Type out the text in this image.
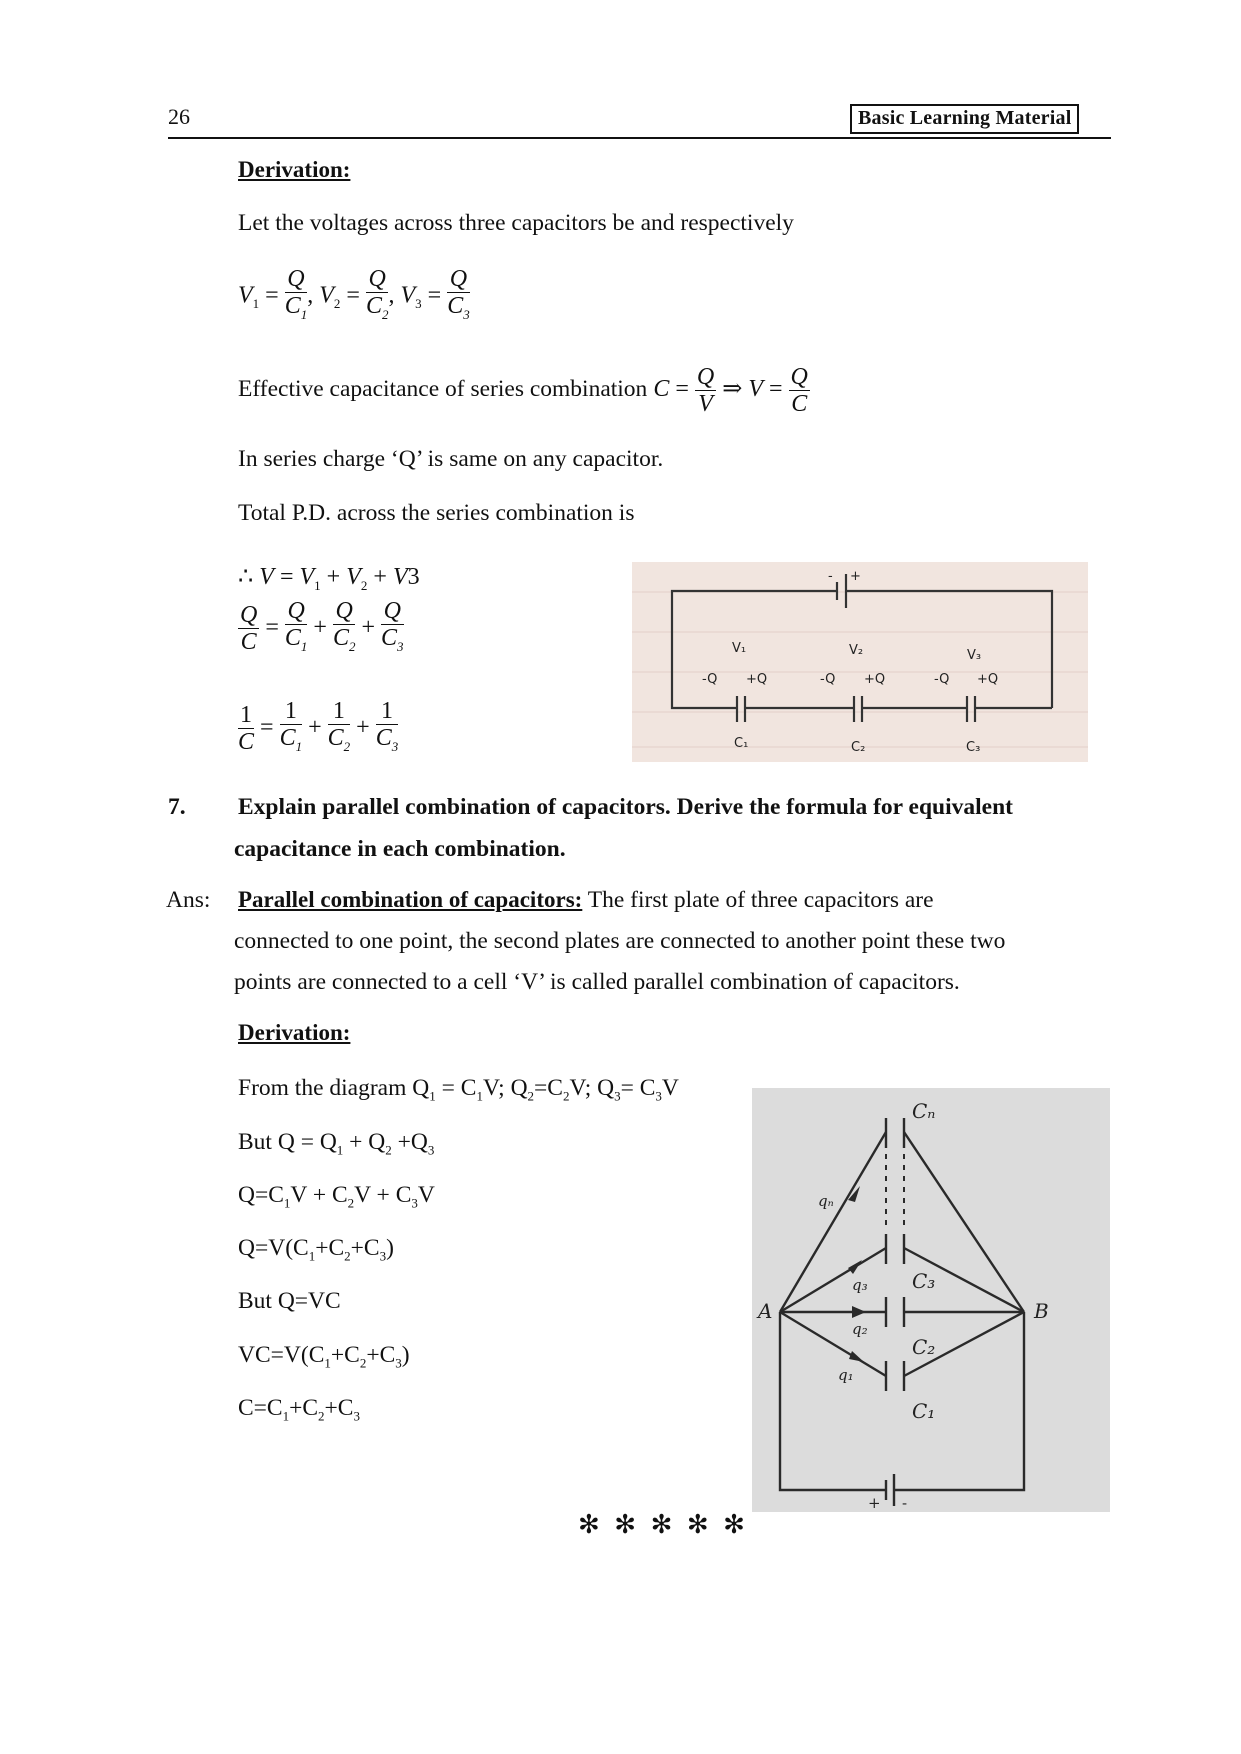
26	Basic Learning Material
Derivation:
Let the voltages across three capacitors be and respectively
$V_1 = \frac{Q}{C_1}$ , $V_2 = \frac{Q}{C_2}$ , $V_3 = \frac{Q}{C_3}$
Effective capacitance of series combination $C = \frac{Q}{V}$ ⇒ $V = \frac{Q}{C}$
In series charge ‘Q’ is same on any capacitor.
Total P.D. across the series combination is
∴ $V = V_1 + V_2 + V3$
$\frac{Q}{C} = \frac{Q}{C_1} + \frac{Q}{C_2} + \frac{Q}{C_3}$
$\frac{1}{C} = \frac{1}{C_1} + \frac{1}{C_2} + \frac{1}{C_3}$
- +
V₁	V₂	V₃
-Q +Q	-Q +Q	-Q +Q
C₁	C₂	C₃
7. Explain parallel combination of capacitors. Derive the formula for equivalent
capacitance in each combination.
Ans: Parallel combination of capacitors: The first plate of three capacitors are
connected to one point, the second plates are connected to another point these two
points are connected to a cell ‘V’ is called parallel combination of capacitors.
Derivation:
From the diagram $Q_1 = C_1V$; $Q_2=C_2V$; $Q_3= C_3V$
But $Q = Q_1 + Q_2 +Q_3$
$Q=C_1V + C_2V + C_3V$
$Q=V(C_1+C_2+C_3)$
But Q=VC
$VC=V(C_1+C_2+C_3)$
$C=C_1+C_2+C_3$
Cₙ
C₃
C₂
C₁
A	B
qₙ
q₃
q₂
q₁
+ -
✻ ✻ ✻ ✻ ✻
